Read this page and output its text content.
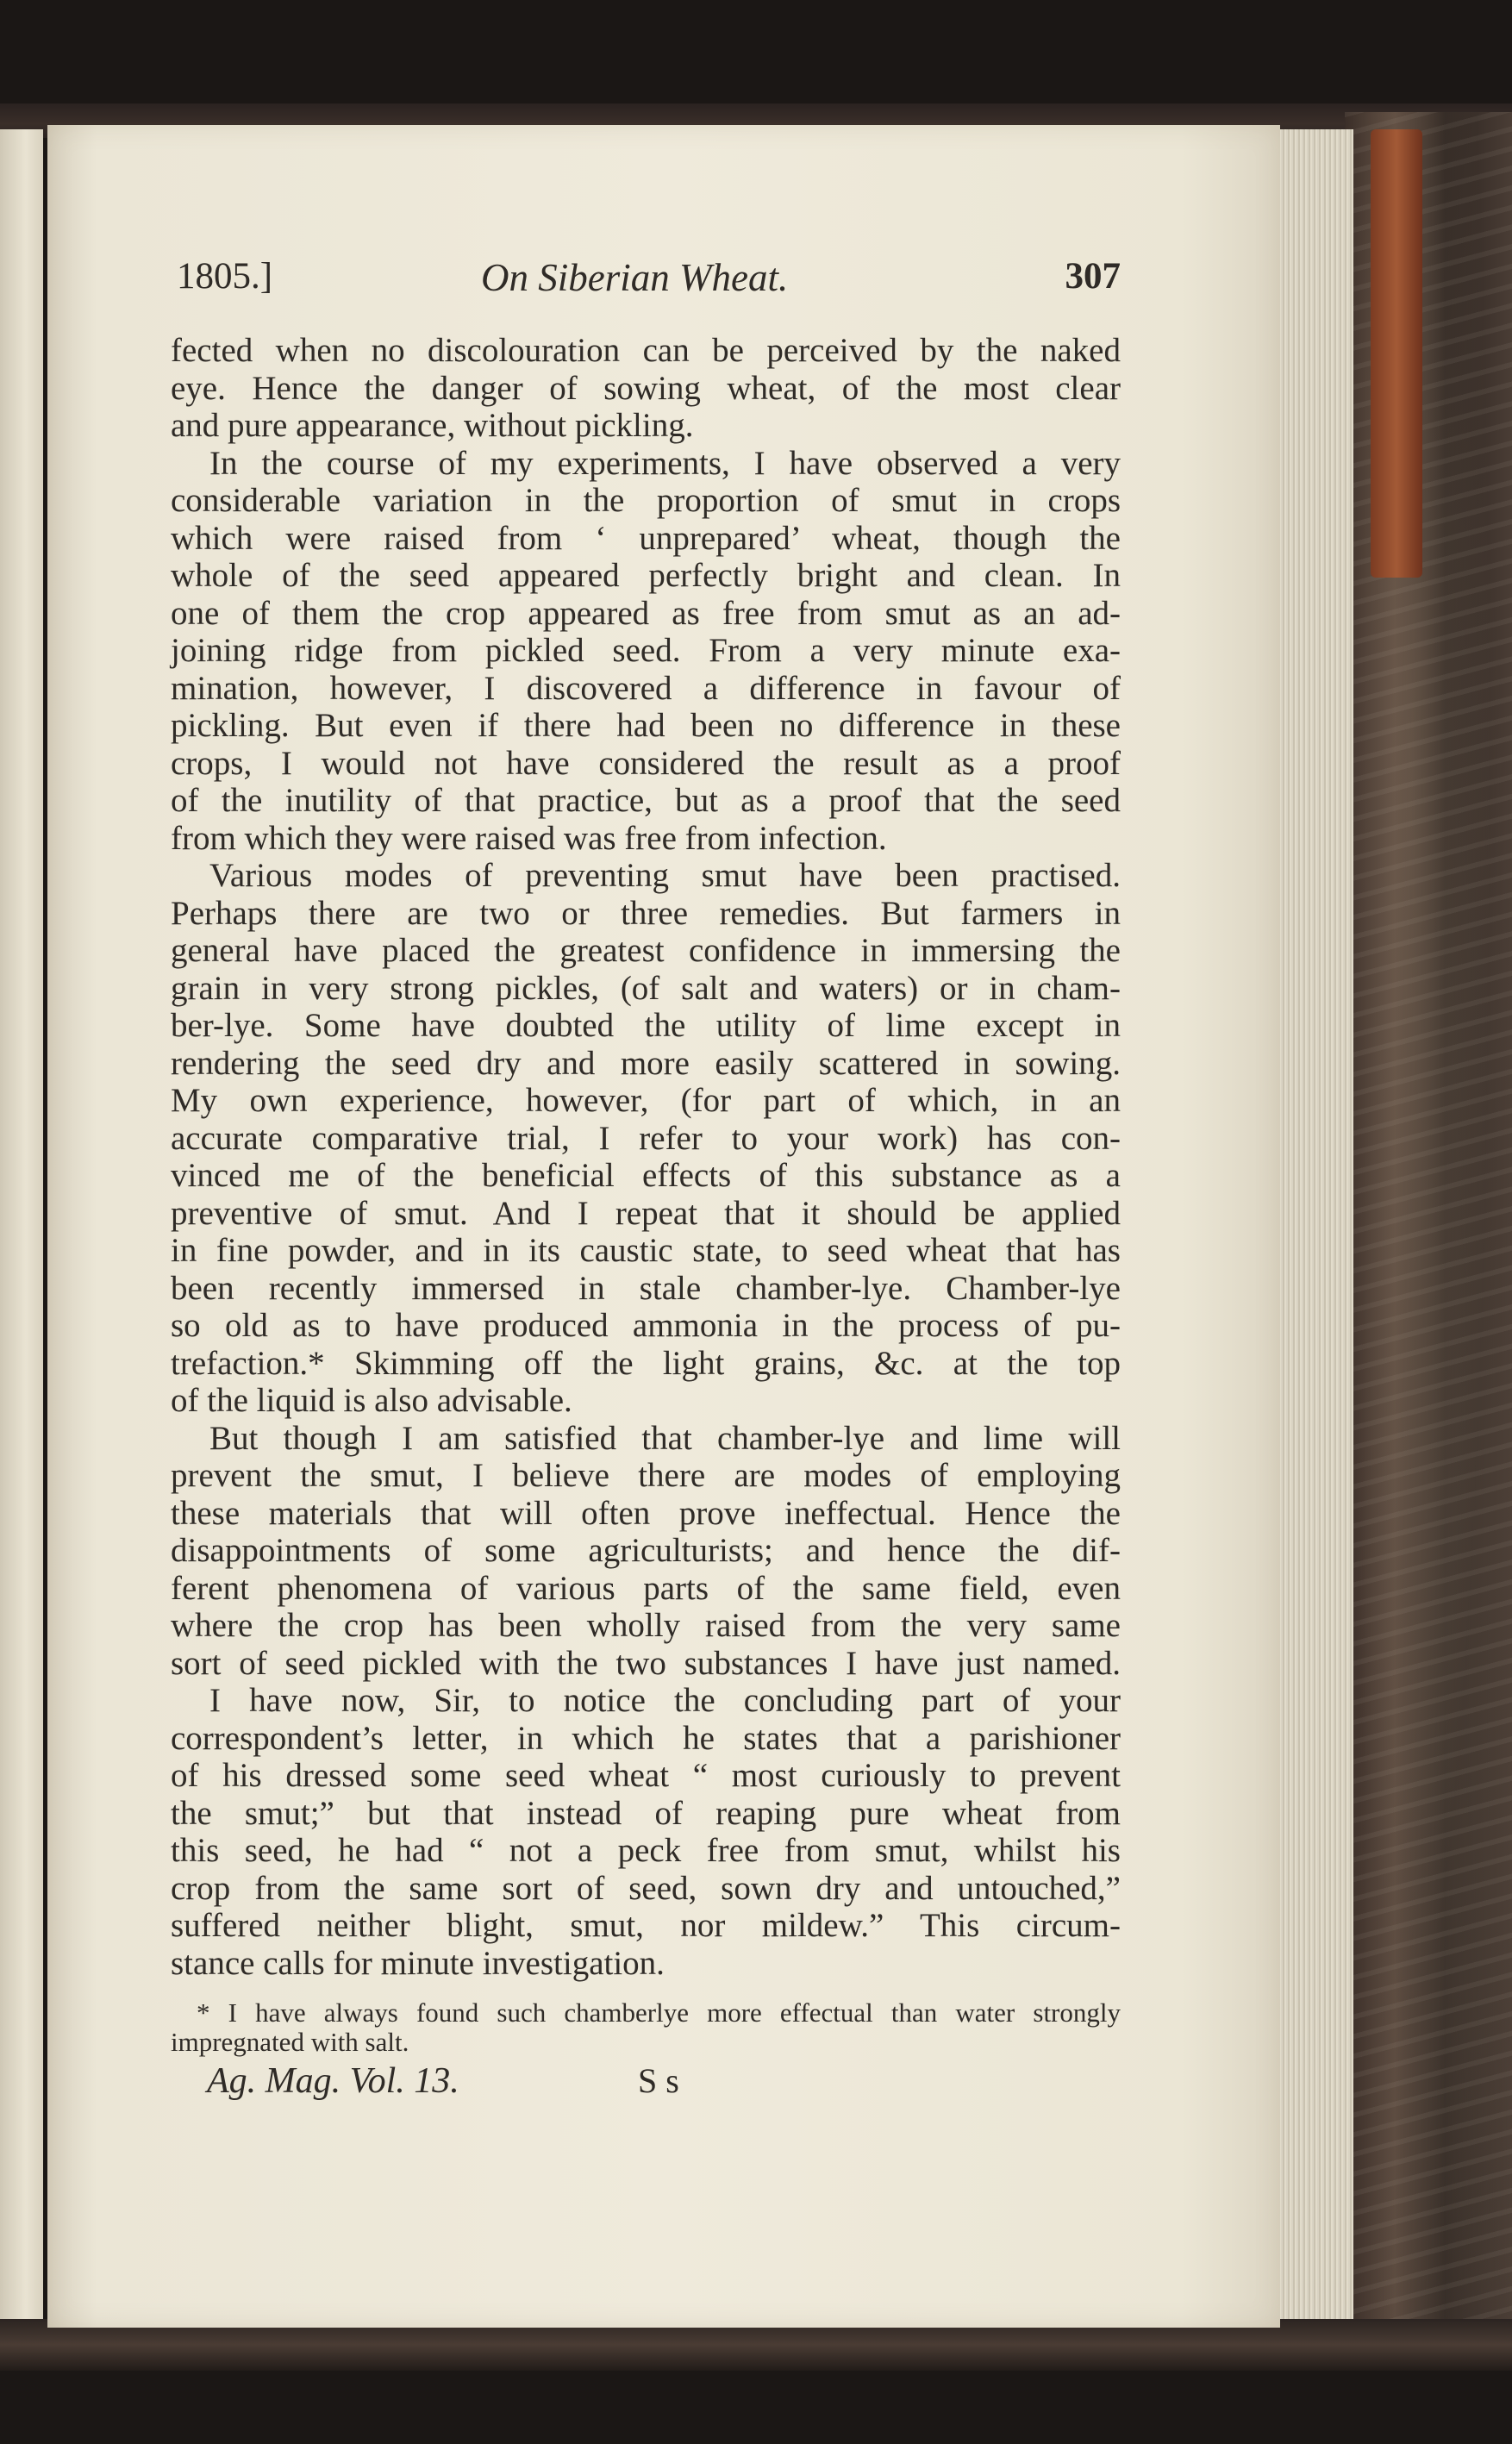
1805.]	On Siberian Wheat.	307
fected when no discolouration can be perceived by the naked
eye. Hence the danger of sowing wheat, of the most clear
and pure appearance, without pickling.
In the course of my experiments, I have observed a very
considerable variation in the proportion of smut in crops
which were raised from ‘ unprepared’ wheat, though the
whole of the seed appeared perfectly bright and clean. In
one of them the crop appeared as free from smut as an ad-
joining ridge from pickled seed. From a very minute exa-
mination, however, I discovered a difference in favour of
pickling. But even if there had been no difference in these
crops, I would not have considered the result as a proof
of the inutility of that practice, but as a proof that the seed
from which they were raised was free from infection.
Various modes of preventing smut have been practised.
Perhaps there are two or three remedies. But farmers in
general have placed the greatest confidence in immersing the
grain in very strong pickles, (of salt and waters) or in cham-
ber-lye. Some have doubted the utility of lime except in
rendering the seed dry and more easily scattered in sowing.
My own experience, however, (for part of which, in an
accurate comparative trial, I refer to your work) has con-
vinced me of the beneficial effects of this substance as a
preventive of smut. And I repeat that it should be applied
in fine powder, and in its caustic state, to seed wheat that has
been recently immersed in stale chamber-lye. Chamber-lye
so old as to have produced ammonia in the process of pu-
trefaction.* Skimming off the light grains, &c. at the top
of the liquid is also advisable.
But though I am satisfied that chamber-lye and lime will
prevent the smut, I believe there are modes of employing
these materials that will often prove ineffectual. Hence the
disappointments of some agriculturists; and hence the dif-
ferent phenomena of various parts of the same field, even
where the crop has been wholly raised from the very same
sort of seed pickled with the two substances I have just named.
I have now, Sir, to notice the concluding part of your
correspondent’s letter, in which he states that a parishioner
of his dressed some seed wheat “ most curiously to prevent
the smut;” but that instead of reaping pure wheat from
this seed, he had “ not a peck free from smut, whilst his
crop from the same sort of seed, sown dry and untouched,”
suffered neither blight, smut, nor mildew.” This circum-
stance calls for minute investigation.
* I have always found such chamberlye more effectual than water strongly
impregnated with salt.
Ag. Mag. Vol. 13.	S s
